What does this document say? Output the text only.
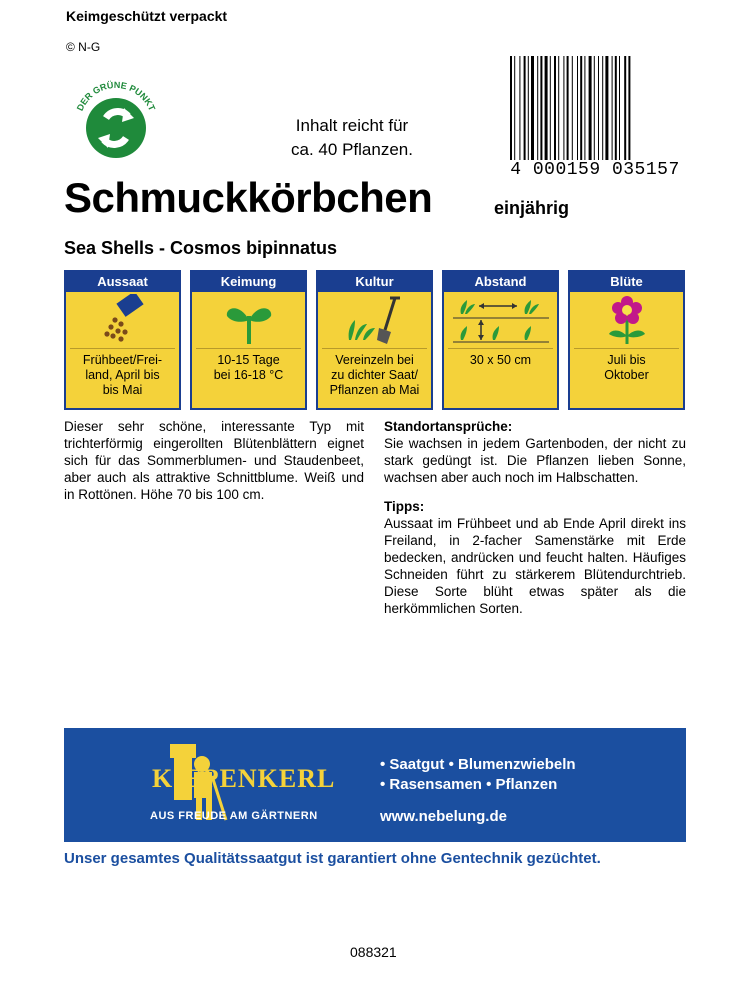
Keimgeschützt verpackt
© N-G
DER GRÜNE PUNKT
Inhalt reicht für
ca. 40 Pflanzen.
4 000159 035157
Schmuckkörbchen	einjährig
Sea Shells - Cosmos bipinnatus
Aussaat
Frühbeet/Frei-
land, April bis
bis Mai
Keimung
10-15 Tage
bei 16-18 °C
Kultur
Vereinzeln bei
zu dichter Saat/
Pflanzen ab Mai
Abstand
30 x 50 cm
Blüte
Juli bis
Oktober
Dieser sehr schöne, interessante Typ mit trichterförmig eingerollten Blütenblättern eignet sich für das Sommerblumen- und Staudenbeet, aber auch als attraktive Schnittblume. Weiß und in Rottönen. Höhe 70 bis 100 cm.
Standortansprüche:
Sie wachsen in jedem Gartenboden, der nicht zu stark gedüngt ist. Die Pflanzen lieben Sonne, wachsen aber auch noch im Halbschatten.
Tipps:
Aussaat im Frühbeet und ab Ende April direkt ins Freiland, in 2-facher Samenstärke mit Erde bedecken, andrücken und feucht halten. Häufiges Schneiden führt zu stärkerem Blütendurchtrieb. Diese Sorte blüht etwas später als die herkömmlichen Sorten.
KIEPENKERL
AUS FREUDE AM GÄRTNERN
• Saatgut • Blumenzwiebeln
• Rasensamen • Pflanzen
www.nebelung.de
Unser gesamtes Qualitätssaatgut ist garantiert ohne Gentechnik gezüchtet.
088321
